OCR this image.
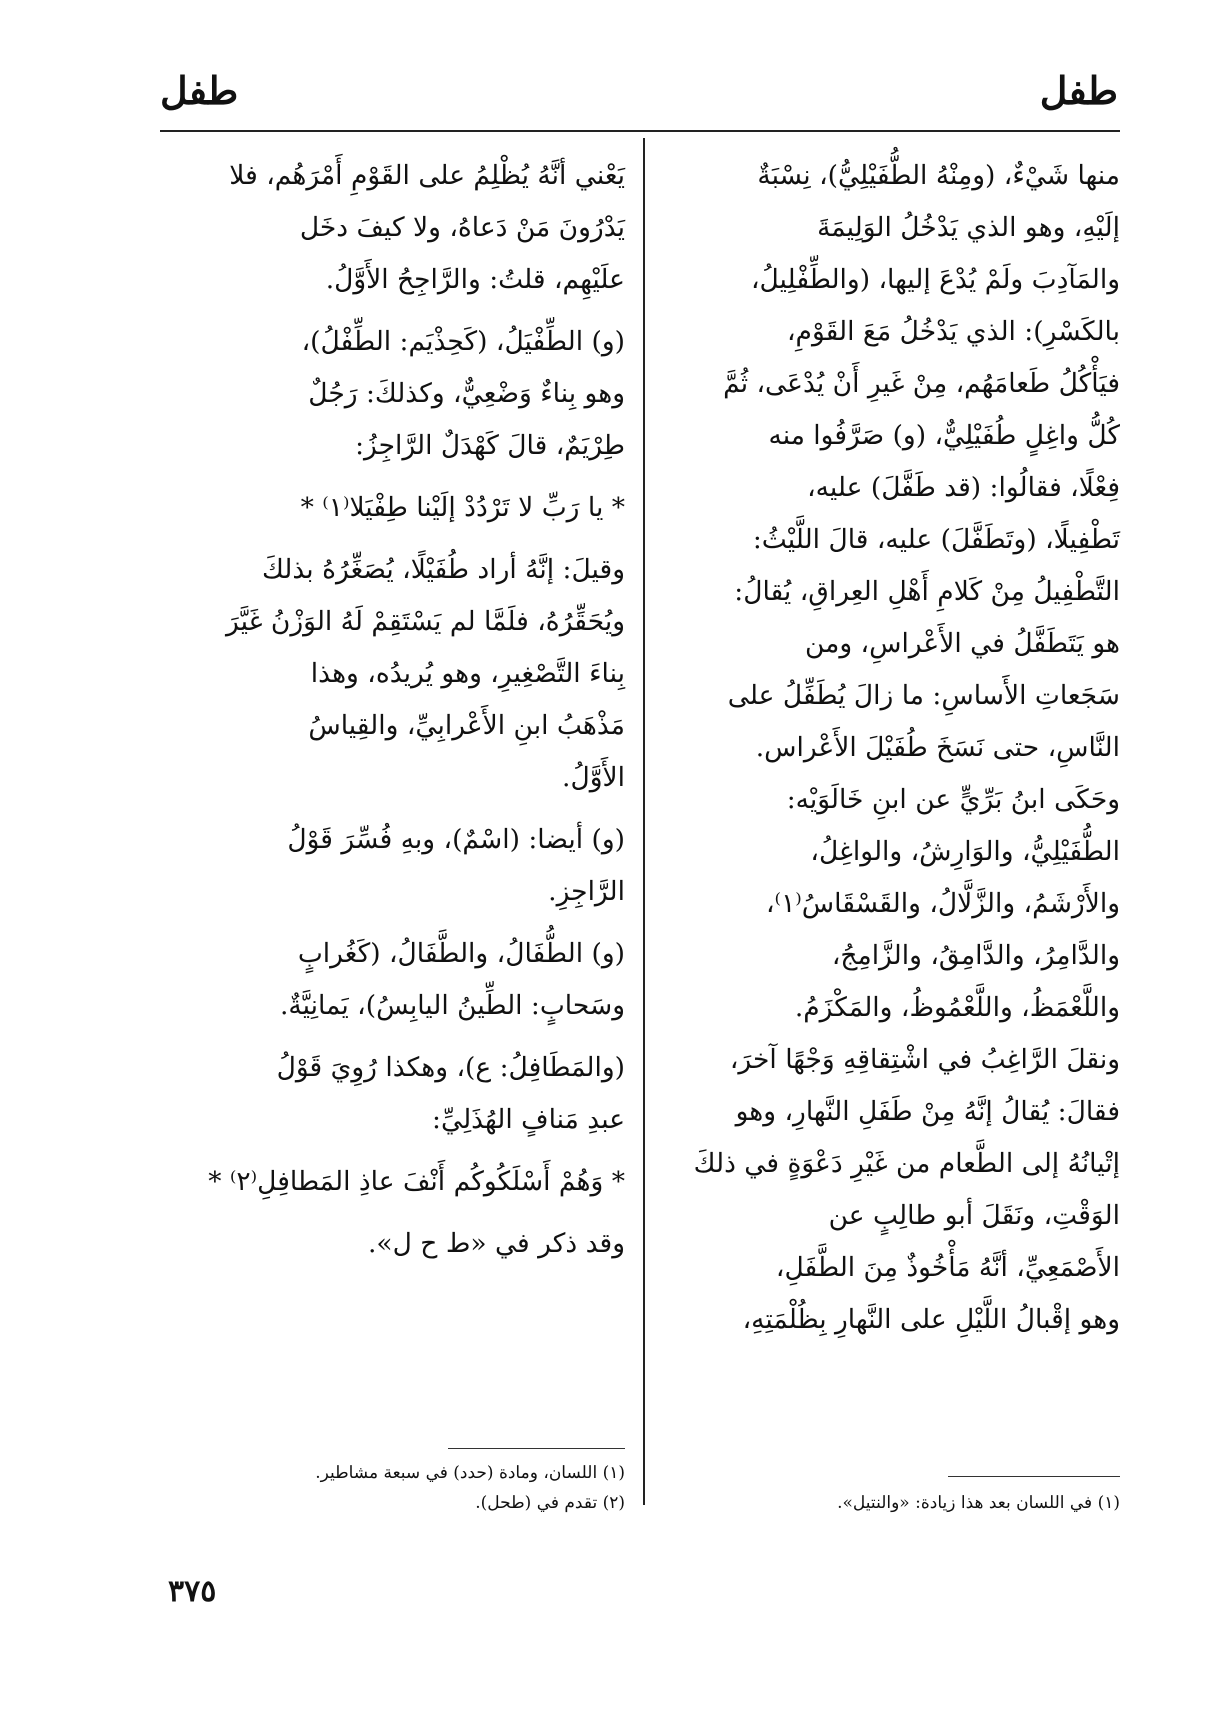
طفل
طفل

منها شَيْءٌ، (ومِنْهُ الطُّفَيْلِيُّ)، نِسْبَةٌ

إلَيْهِ، وهو الذي يَدْخُلُ الوَلِيمَةَ

والمَآدِبَ ولَمْ يُدْعَ إليها، (والطِّفْلِيلُ،

بالكَسْرِ): الذي يَدْخُلُ مَعَ القَوْمِ،

فيَأْكُلُ طَعامَهُم، مِنْ غَيرِ أَنْ يُدْعَى، ثُمَّ

كُلُّ واغِلٍ طُفَيْلِيٌّ، (و) صَرَّفُوا منه

فِعْلًا، فقالُوا: (قد طَفَّلَ) عليه،

تَطْفِيلًا، (وتَطَفَّلَ) عليه، قالَ اللَّيْثُ:

التَّطْفِيلُ مِنْ كَلامِ أَهْلِ العِراقِ، يُقالُ:

هو يَتَطَفَّلُ في الأَعْراسِ، ومن

سَجَعاتِ الأَساسِ: ما زالَ يُطَفِّلُ على

النَّاسِ، حتى نَسَخَ طُفَيْلَ الأَعْراس.

وحَكَى ابنُ بَرِّيٍّ عن ابنِ خَالَوَيْه:

الطُّفَيْلِيُّ، والوَارِشُ، والواغِلُ،

والأَرْشَمُ، والزَّلَّالُ، والقَسْقَاسُ⁽١⁾،

والدَّامِرُ، والدَّامِقُ، والزَّامِجُ،

واللَّعْمَظُ، واللَّعْمُوظُ، والمَكْزَمُ.

ونقلَ الرَّاغِبُ في اشْتِقاقِهِ وَجْهًا آخرَ،

فقالَ: يُقالُ إنَّهُ مِنْ طَفَلِ النَّهارِ، وهو

إتْيانُهُ إلى الطَّعام من غَيْرِ دَعْوَةٍ في ذلكَ

الوَقْتِ، ونَقَلَ أبو طالِبٍ عن

الأَصْمَعِيِّ، أنَّهُ مَأْخُوذٌ مِنَ الطَّفَلِ،

وهو إقْبالُ اللَّيْلِ على النَّهارِ بِظُلْمَتِهِ،

يَعْني أنَّهُ يُظْلِمُ على القَوْمِ أَمْرَهُم، فلا

يَدْرُونَ مَنْ دَعاهُ، ولا كيفَ دخَل

علَيْهِم، قلتُ: والرَّاجِحُ الأَوَّلُ.

(و) الطِّفْيَلُ، (كَحِذْيَم: الطِّفْلُ)،

وهو بِناءٌ وَضْعِيٌّ، وكذلكَ: رَجُلٌ

طِرْيَمٌ، قالَ كَهْدَلٌ الرَّاجِزُ:

* يا رَبِّ لا تَرْدُدْ إلَيْنا طِفْيَلا⁽١⁾ *

وقيلَ: إنَّهُ أراد طُفَيْلًا، يُصَغِّرُهُ بذلكَ

ويُحَقِّرُهُ، فلَمَّا لم يَسْتَقِمْ لَهُ الوَزْنُ غَيَّرَ

بِناءَ التَّصْغِيرِ، وهو يُريدُه، وهذا

مَذْهَبُ ابنِ الأَعْرابِيِّ، والقِياسُ

الأَوَّلُ.

(و) أيضا: (اسْمٌ)، وبهِ فُسِّرَ قَوْلُ

الرَّاجِزِ.

(و) الطُّفَالُ، والطَّفَالُ، (كَغُرابٍ

وسَحابٍ: الطِّينُ اليابِسُ)، يَمانِيَّةٌ.

(والمَطَافِلُ: ع)، وهكذا رُوِيَ قَوْلُ

عبدِ مَنافٍ الهُذَلِيِّ:

* وَهُمْ أَسْلَكُوكُم أَنْفَ عاذِ المَطافِلِ⁽٢⁾ *

وقد ذكر في «ط ح ل».

(١) في اللسان بعد هذا زيادة: «والنتيل».

(١) اللسان، ومادة (حدد) في سبعة مشاطير.

(٢) تقدم في (طحل).

٣٧٥
